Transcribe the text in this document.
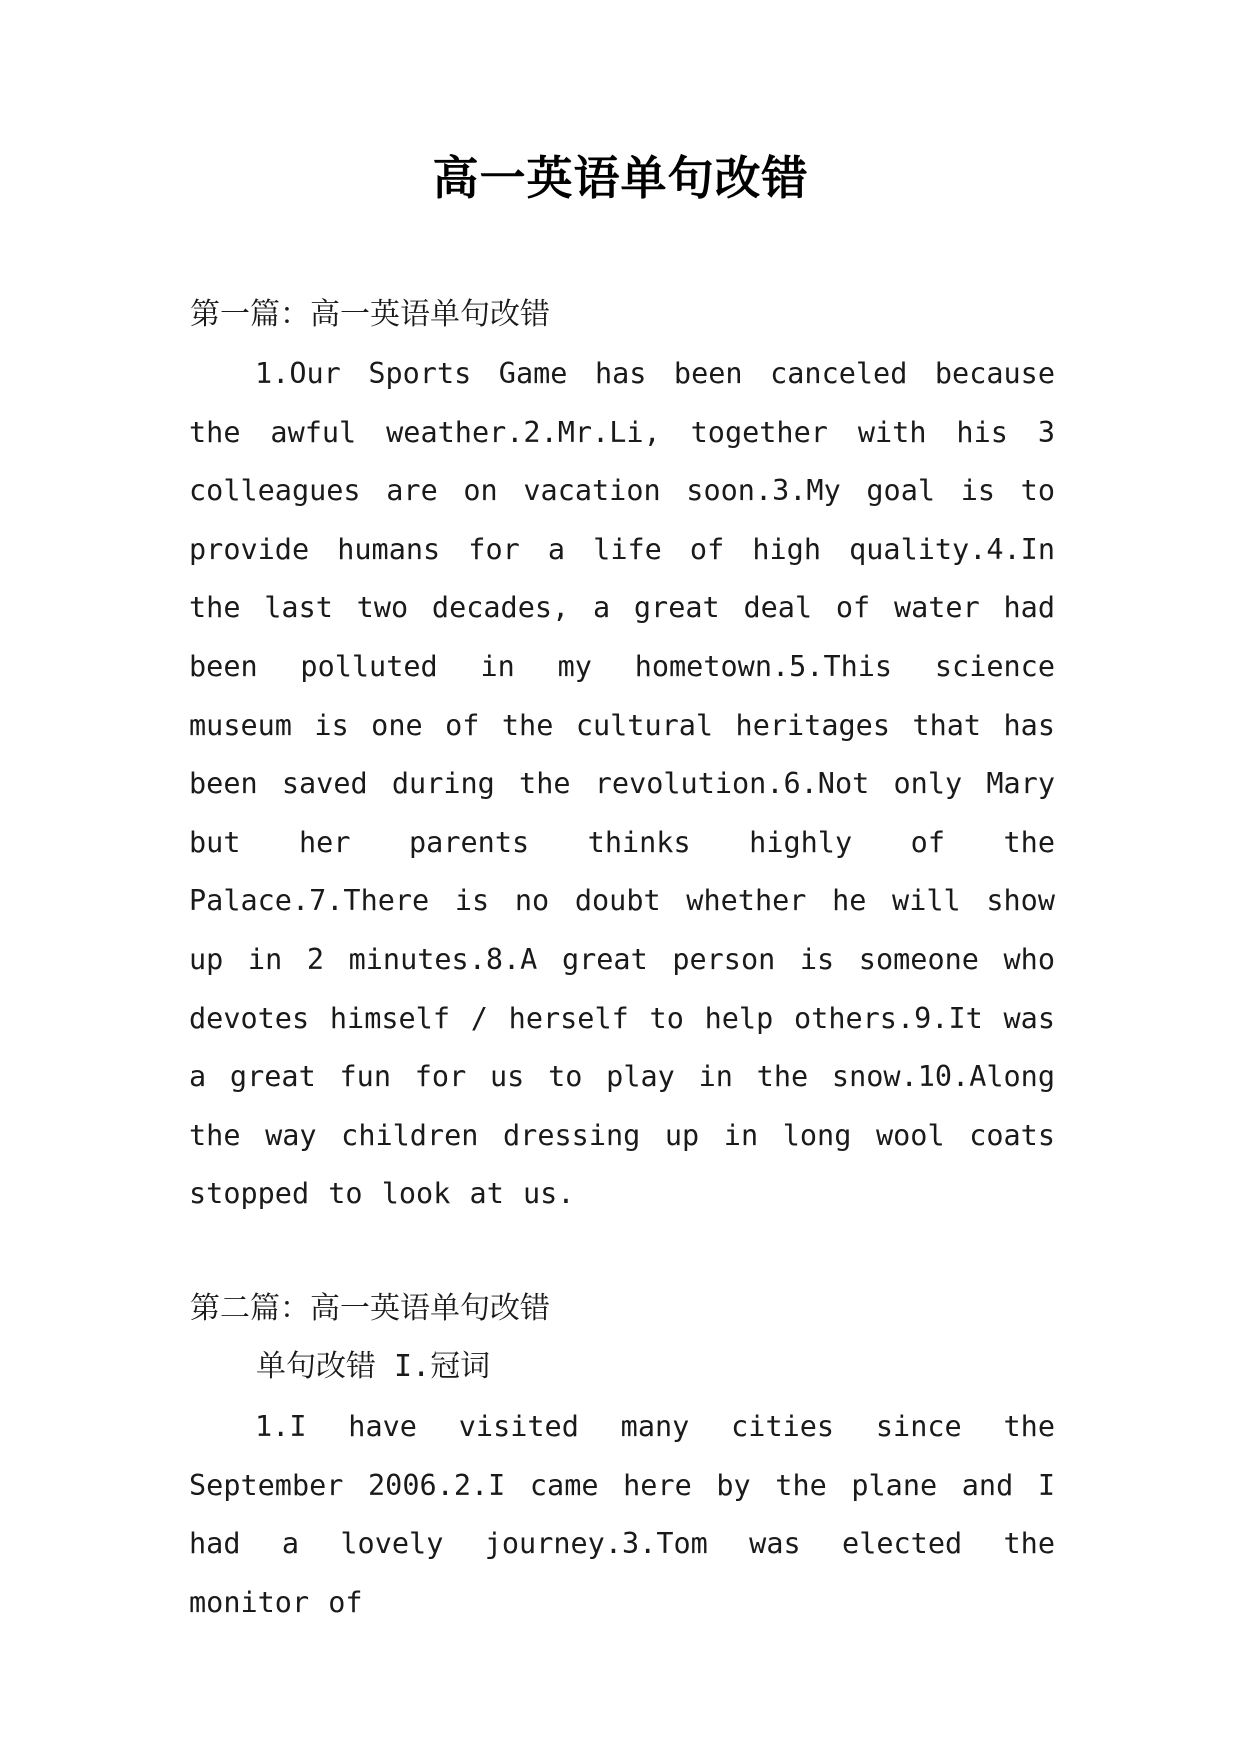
高一英语单句改错
第一篇：高一英语单句改错

1.Our Sports Game has been canceled because the awful weather.2.Mr.Li, together with his 3 colleagues are on vacation soon.3.My goal is to provide humans for a life of high quality.4.In the last two decades, a great deal of water had been polluted in my hometown.5.This science museum is one of the cultural heritages that has been saved during the revolution.6.Not only Mary but her parents thinks highly of the Palace.7.There is no doubt whether he will show up in 2 minutes.8.A great person is someone who devotes himself / herself to help others.9.It was a great fun for us to play in the snow.10.Along the way children dressing up in long wool coats stopped to look at us.

第二篇：高一英语单句改错
单句改错 I.冠词

1.I have visited many cities since the September 2006.2.I came here by the plane and I had a lovely journey.3.Tom was elected the monitor of
